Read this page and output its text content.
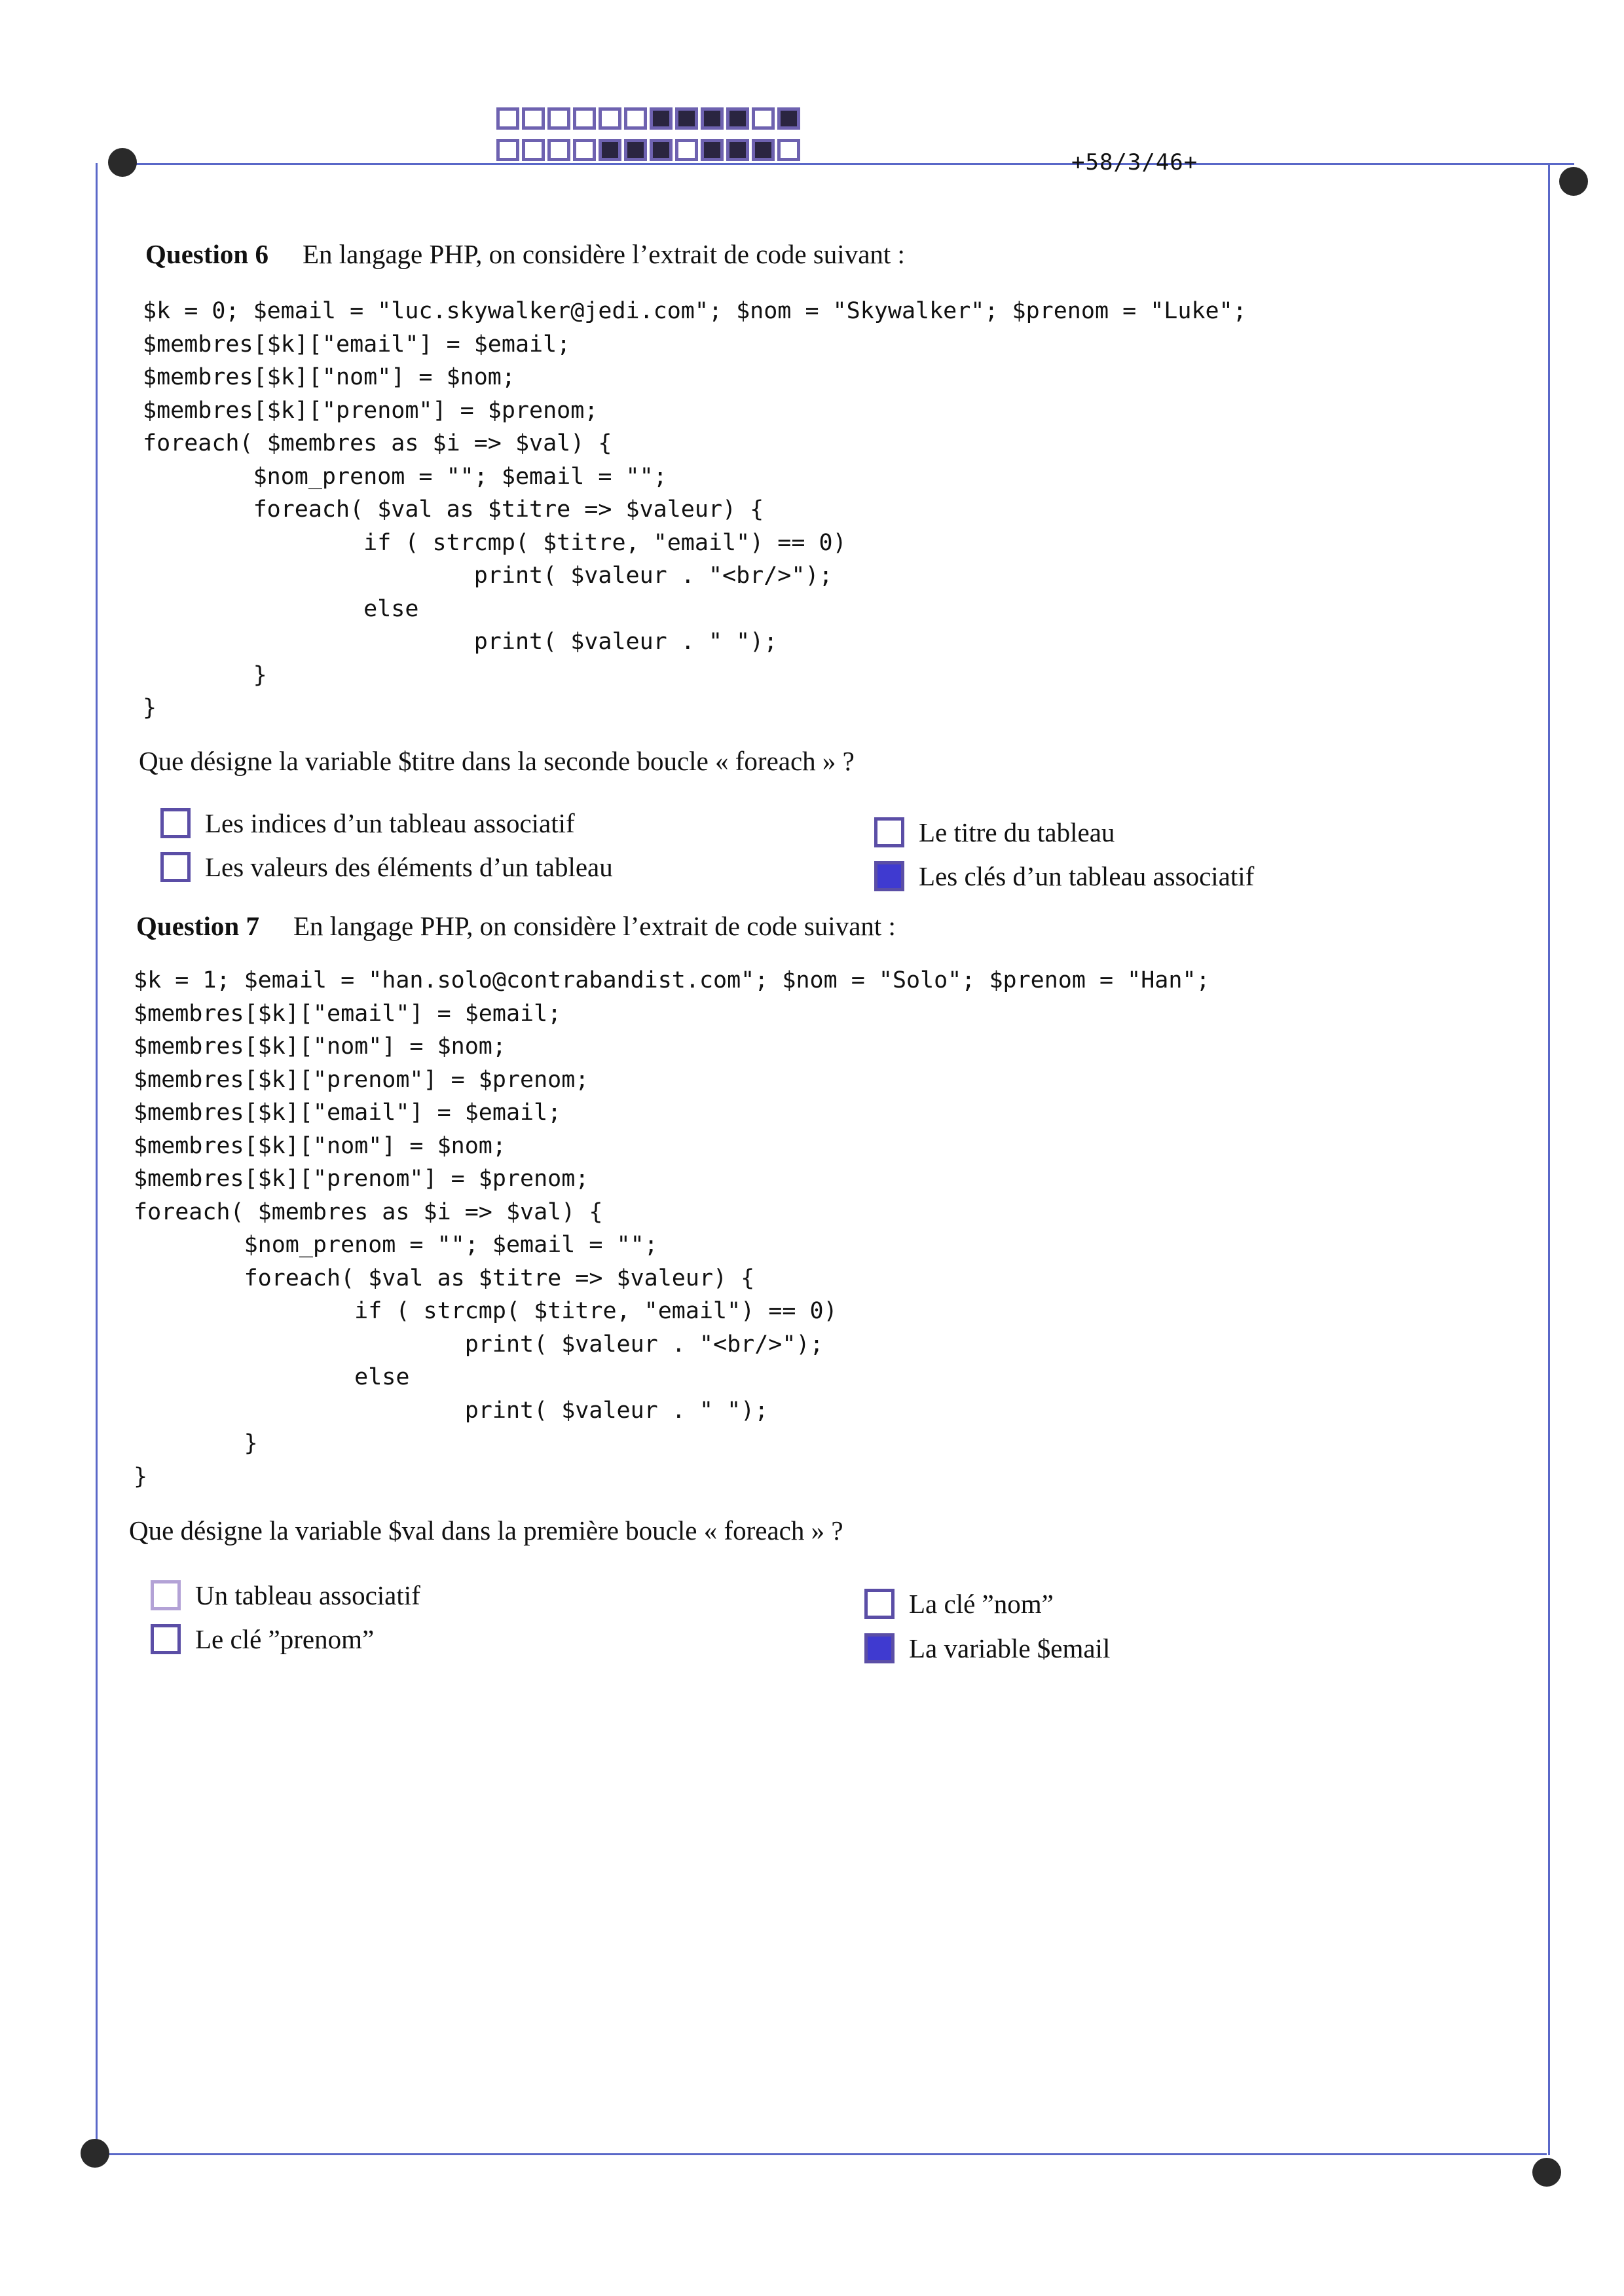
+58/3/46+
Question 6 En langage PHP, on considère l’extrait de code suivant :
$k = 0; $email = "luc.skywalker@jedi.com"; $nom = "Skywalker"; $prenom = "Luke";
$membres[$k]["email"] = $email;
$membres[$k]["nom"] = $nom;
$membres[$k]["prenom"] = $prenom;
foreach( $membres as $i => $val) {
$nom_prenom = ""; $email = "";
foreach( $val as $titre => $valeur) {
if ( strcmp( $titre, "email") == 0)
print( $valeur . "<br/>");
else
print( $valeur . " ");
}
}
Que désigne la variable $titre dans la seconde boucle « foreach » ?
Les indices d’un tableau associatif
Les valeurs des éléments d’un tableau
Le titre du tableau
Les clés d’un tableau associatif
Question 7 En langage PHP, on considère l’extrait de code suivant :
$k = 1; $email = "han.solo@contrabandist.com"; $nom = "Solo"; $prenom = "Han";
$membres[$k]["email"] = $email;
$membres[$k]["nom"] = $nom;
$membres[$k]["prenom"] = $prenom;
$membres[$k]["email"] = $email;
$membres[$k]["nom"] = $nom;
$membres[$k]["prenom"] = $prenom;
foreach( $membres as $i => $val) {
$nom_prenom = ""; $email = "";
foreach( $val as $titre => $valeur) {
if ( strcmp( $titre, "email") == 0)
print( $valeur . "<br/>");
else
print( $valeur . " ");
}
}
Que désigne la variable $val dans la première boucle « foreach » ?
Un tableau associatif
Le clé ”prenom”
La clé ”nom”
La variable $email
